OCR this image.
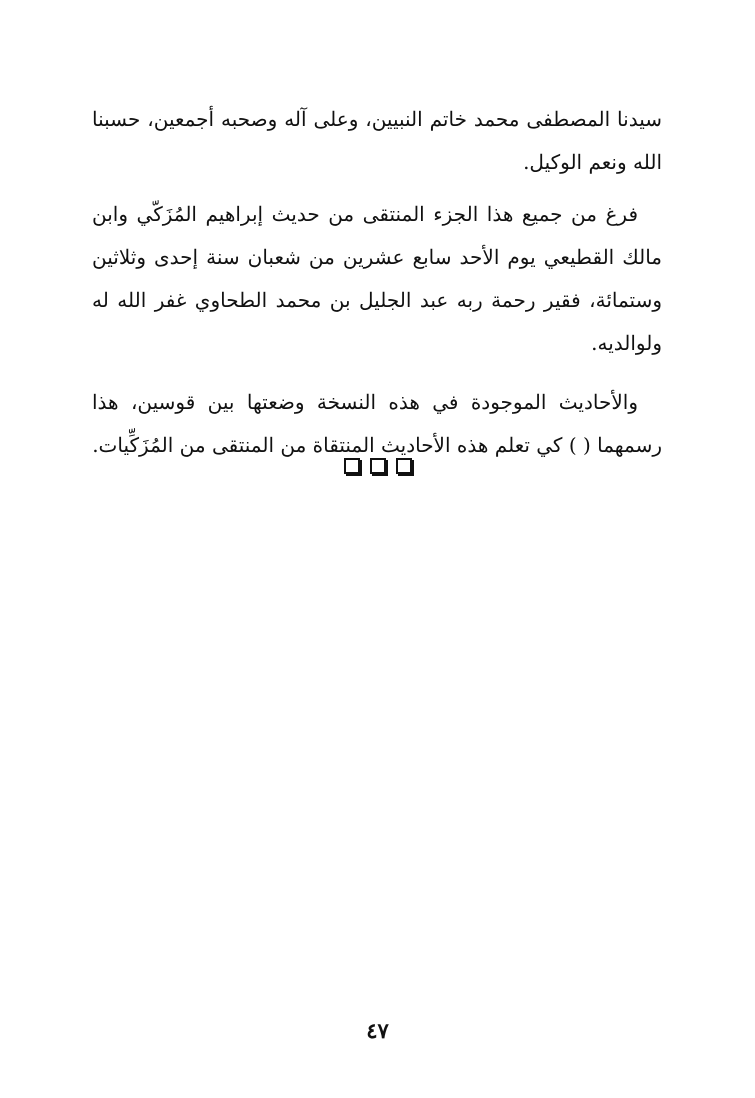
سيدنا المصطفى محمد خاتم النبيين، وعلى آله وصحبه أجمعين، حسبنا الله ونعم الوكيل.

فرغ من جميع هذا الجزء المنتقى من حديث إبراهيم المُزَكّي وابن مالك القطيعي يوم الأحد سابع عشرين من شعبان سنة إحدى وثلاثين وستمائة، فقير رحمة ربه عبد الجليل بن محمد الطحاوي غفر الله له ولوالديه.

والأحاديث الموجودة في هذه النسخة وضعتها بين قوسين، هذا رسمهما ( ) كي تعلم هذه الأحاديث المنتقاة من المنتقى من المُزَكِّيات.

٤٧
